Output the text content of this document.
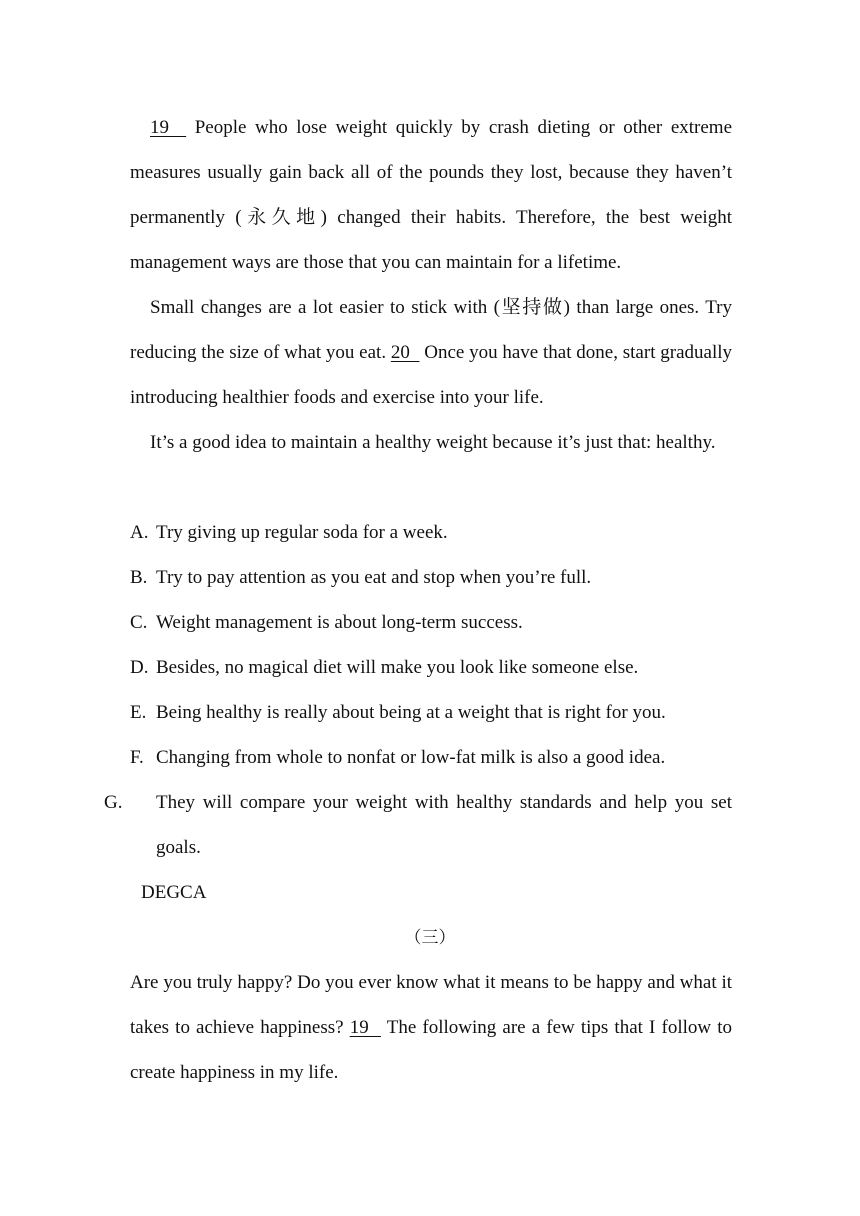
19   People who lose weight quickly by crash dieting or other extreme measures usually gain back all of the pounds they lost, because they haven’t permanently (永久地) changed their habits. Therefore, the best weight management ways are those that you can maintain for a lifetime.

Small changes are a lot easier to stick with (坚持做) than large ones. Try reducing the size of what you eat. 20   Once you have that done, start gradually introducing healthier foods and exercise into your life.

It’s a good idea to maintain a healthy weight because it’s just that: healthy.

A. Try giving up regular soda for a week.

B. Try to pay attention as you eat and stop when you’re full.

C. Weight management is about long-term success.

D. Besides, no magical diet will make you look like someone else.

E. Being healthy is really about being at a weight that is right for you.

F. Changing from whole to nonfat or low-fat milk is also a good idea.

G. They will compare your weight with healthy standards and help you set goals.

DEGCA
（三）

Are you truly happy? Do you ever know what it means to be happy and what it takes to achieve happiness? 19   The following are a few tips that I follow to create happiness in my life.
